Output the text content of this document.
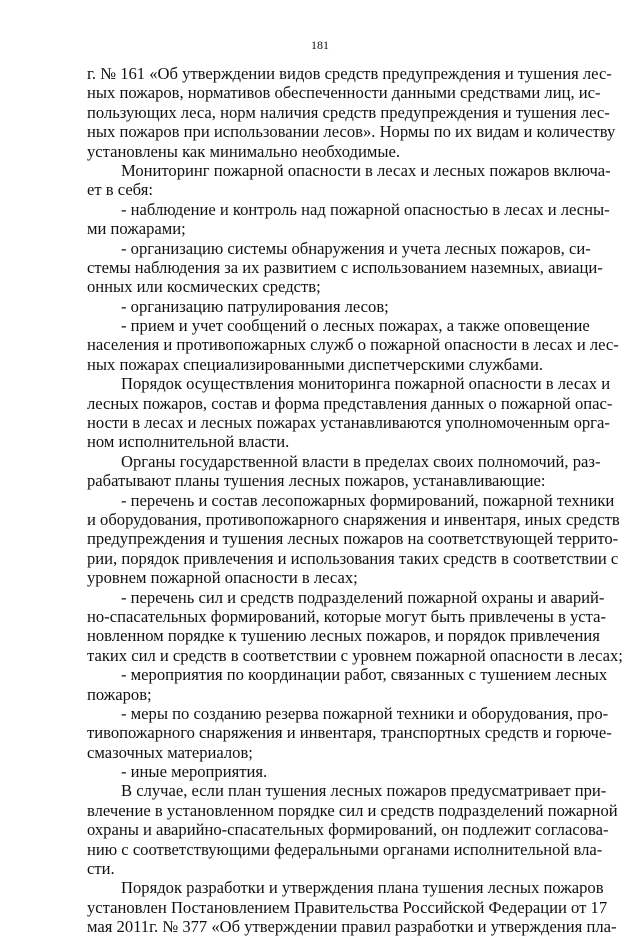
181
г. № 161 «Об утверждении видов средств предупреждения и тушения лес-
ных пожаров, нормативов обеспеченности данными средствами лиц, ис-
пользующих леса, норм наличия средств предупреждения и тушения лес-
ных пожаров при использовании лесов». Нормы по их видам и количеству
установлены как минимально необходимые.
Мониторинг пожарной опасности в лесах и лесных пожаров включа-
ет в себя:
- наблюдение и контроль над пожарной опасностью в лесах и лесны-
ми пожарами;
- организацию системы обнаружения и учета лесных пожаров, си-
стемы наблюдения за их развитием с использованием наземных, авиаци-
онных или космических средств;
- организацию патрулирования лесов;
- прием и учет сообщений о лесных пожарах, а также оповещение
населения и противопожарных служб о пожарной опасности в лесах и лес-
ных пожарах специализированными диспетчерскими службами.
Порядок осуществления мониторинга пожарной опасности в лесах и
лесных пожаров, состав и форма представления данных о пожарной опас-
ности в лесах и лесных пожарах устанавливаются уполномоченным орга-
ном исполнительной власти.
Органы государственной власти в пределах своих полномочий, раз-
рабатывают планы тушения лесных пожаров, устанавливающие:
- перечень и состав лесопожарных формирований, пожарной техники
и оборудования, противопожарного снаряжения и инвентаря, иных средств
предупреждения и тушения лесных пожаров на соответствующей террито-
рии, порядок привлечения и использования таких средств в соответствии с
уровнем пожарной опасности в лесах;
- перечень сил и средств подразделений пожарной охраны и аварий-
но-спасательных формирований, которые могут быть привлечены в уста-
новленном порядке к тушению лесных пожаров, и порядок привлечения
таких сил и средств в соответствии с уровнем пожарной опасности в лесах;
- мероприятия по координации работ, связанных с тушением лесных
пожаров;
- меры по созданию резерва пожарной техники и оборудования, про-
тивопожарного снаряжения и инвентаря, транспортных средств и горюче-
смазочных материалов;
- иные мероприятия.
В случае, если план тушения лесных пожаров предусматривает при-
влечение в установленном порядке сил и средств подразделений пожарной
охраны и аварийно-спасательных формирований, он подлежит согласова-
нию с соответствующими федеральными органами исполнительной вла-
сти.
Порядок разработки и утверждения плана тушения лесных пожаров
установлен Постановлением Правительства Российской Федерации от 17
мая 2011г. № 377 «Об утверждении правил разработки и утверждения пла-
